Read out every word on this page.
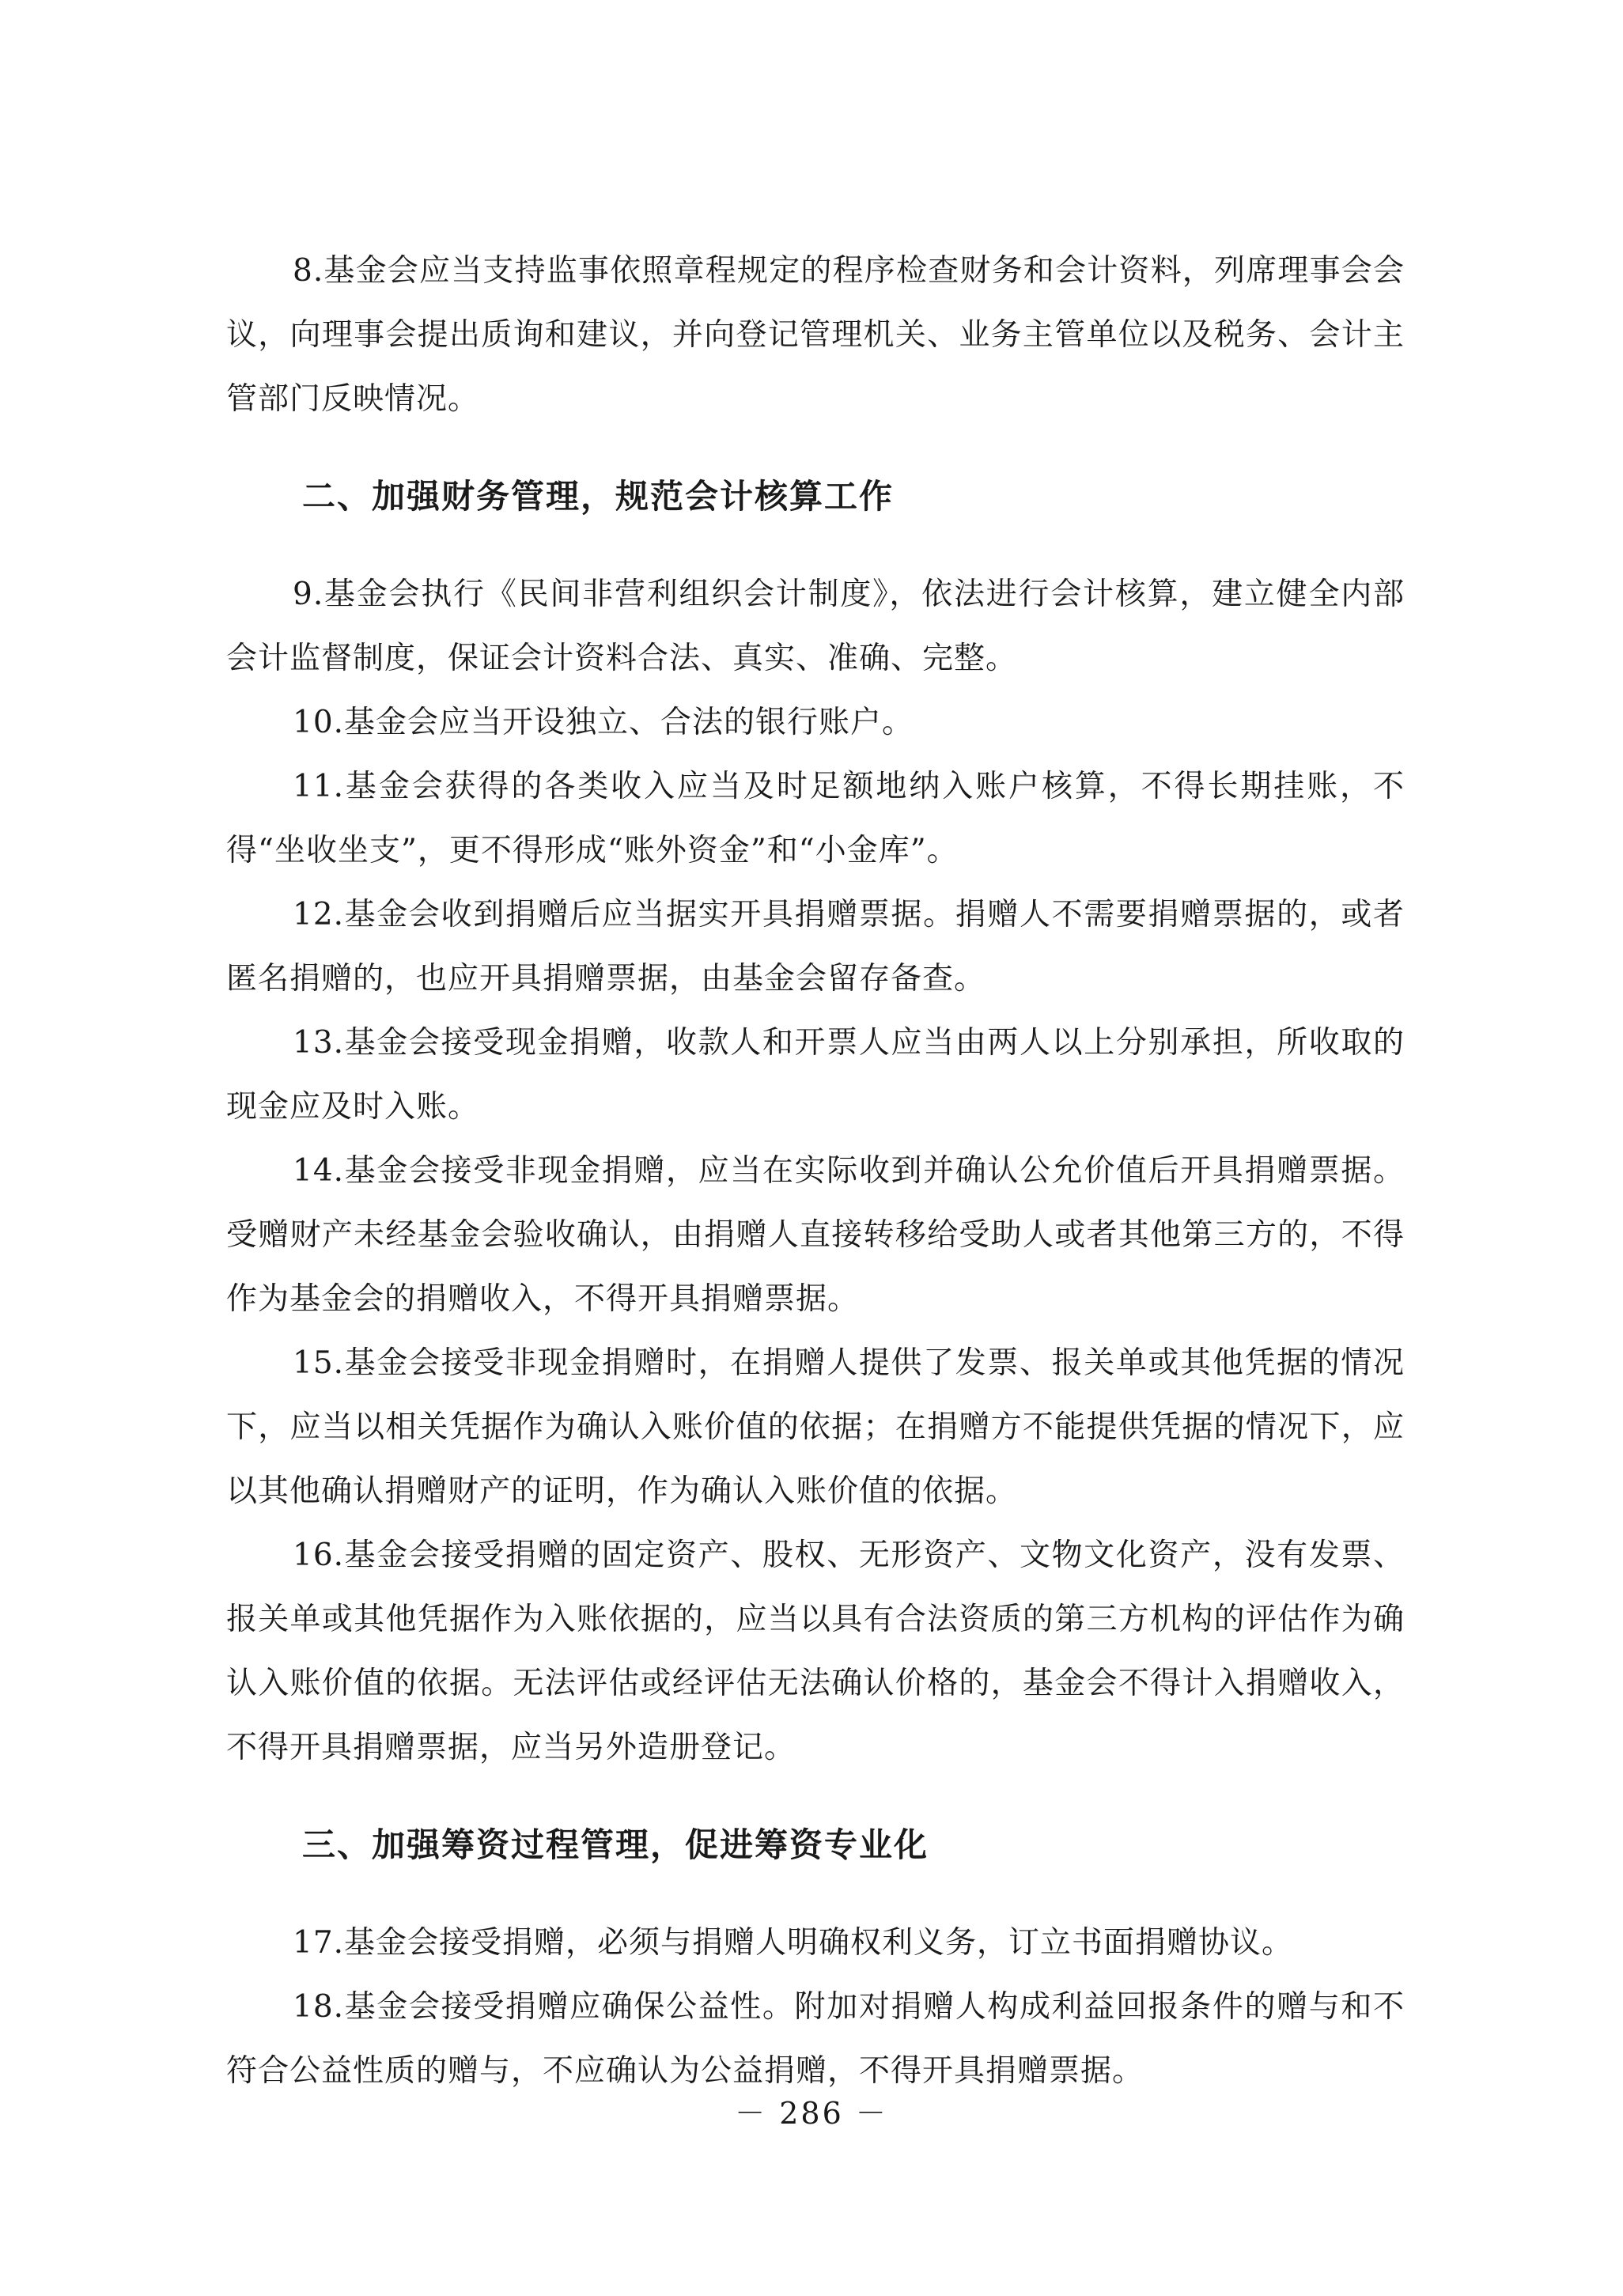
8.基金会应当支持监事依照章程规定的程序检查财务和会计资料，列席理事会会议，向理事会提出质询和建议，并向登记管理机关、业务主管单位以及税务、会计主管部门反映情况。

二、加强财务管理，规范会计核算工作

9.基金会执行《民间非营利组织会计制度》，依法进行会计核算，建立健全内部会计监督制度，保证会计资料合法、真实、准确、完整。

10.基金会应当开设独立、合法的银行账户。

11.基金会获得的各类收入应当及时足额地纳入账户核算，不得长期挂账，不得“坐收坐支”，更不得形成“账外资金”和“小金库”。

12.基金会收到捐赠后应当据实开具捐赠票据。捐赠人不需要捐赠票据的，或者匿名捐赠的，也应开具捐赠票据，由基金会留存备查。

13.基金会接受现金捐赠，收款人和开票人应当由两人以上分别承担，所收取的现金应及时入账。

14.基金会接受非现金捐赠，应当在实际收到并确认公允价值后开具捐赠票据。受赠财产未经基金会验收确认，由捐赠人直接转移给受助人或者其他第三方的，不得作为基金会的捐赠收入，不得开具捐赠票据。

15.基金会接受非现金捐赠时，在捐赠人提供了发票、报关单或其他凭据的情况下，应当以相关凭据作为确认入账价值的依据；在捐赠方不能提供凭据的情况下，应以其他确认捐赠财产的证明，作为确认入账价值的依据。

16.基金会接受捐赠的固定资产、股权、无形资产、文物文化资产，没有发票、报关单或其他凭据作为入账依据的，应当以具有合法资质的第三方机构的评估作为确认入账价值的依据。无法评估或经评估无法确认价格的，基金会不得计入捐赠收入，不得开具捐赠票据，应当另外造册登记。

三、加强筹资过程管理，促进筹资专业化

17.基金会接受捐赠，必须与捐赠人明确权利义务，订立书面捐赠协议。

18.基金会接受捐赠应确保公益性。附加对捐赠人构成利益回报条件的赠与和不符合公益性质的赠与，不应确认为公益捐赠，不得开具捐赠票据。

－ 286 －
